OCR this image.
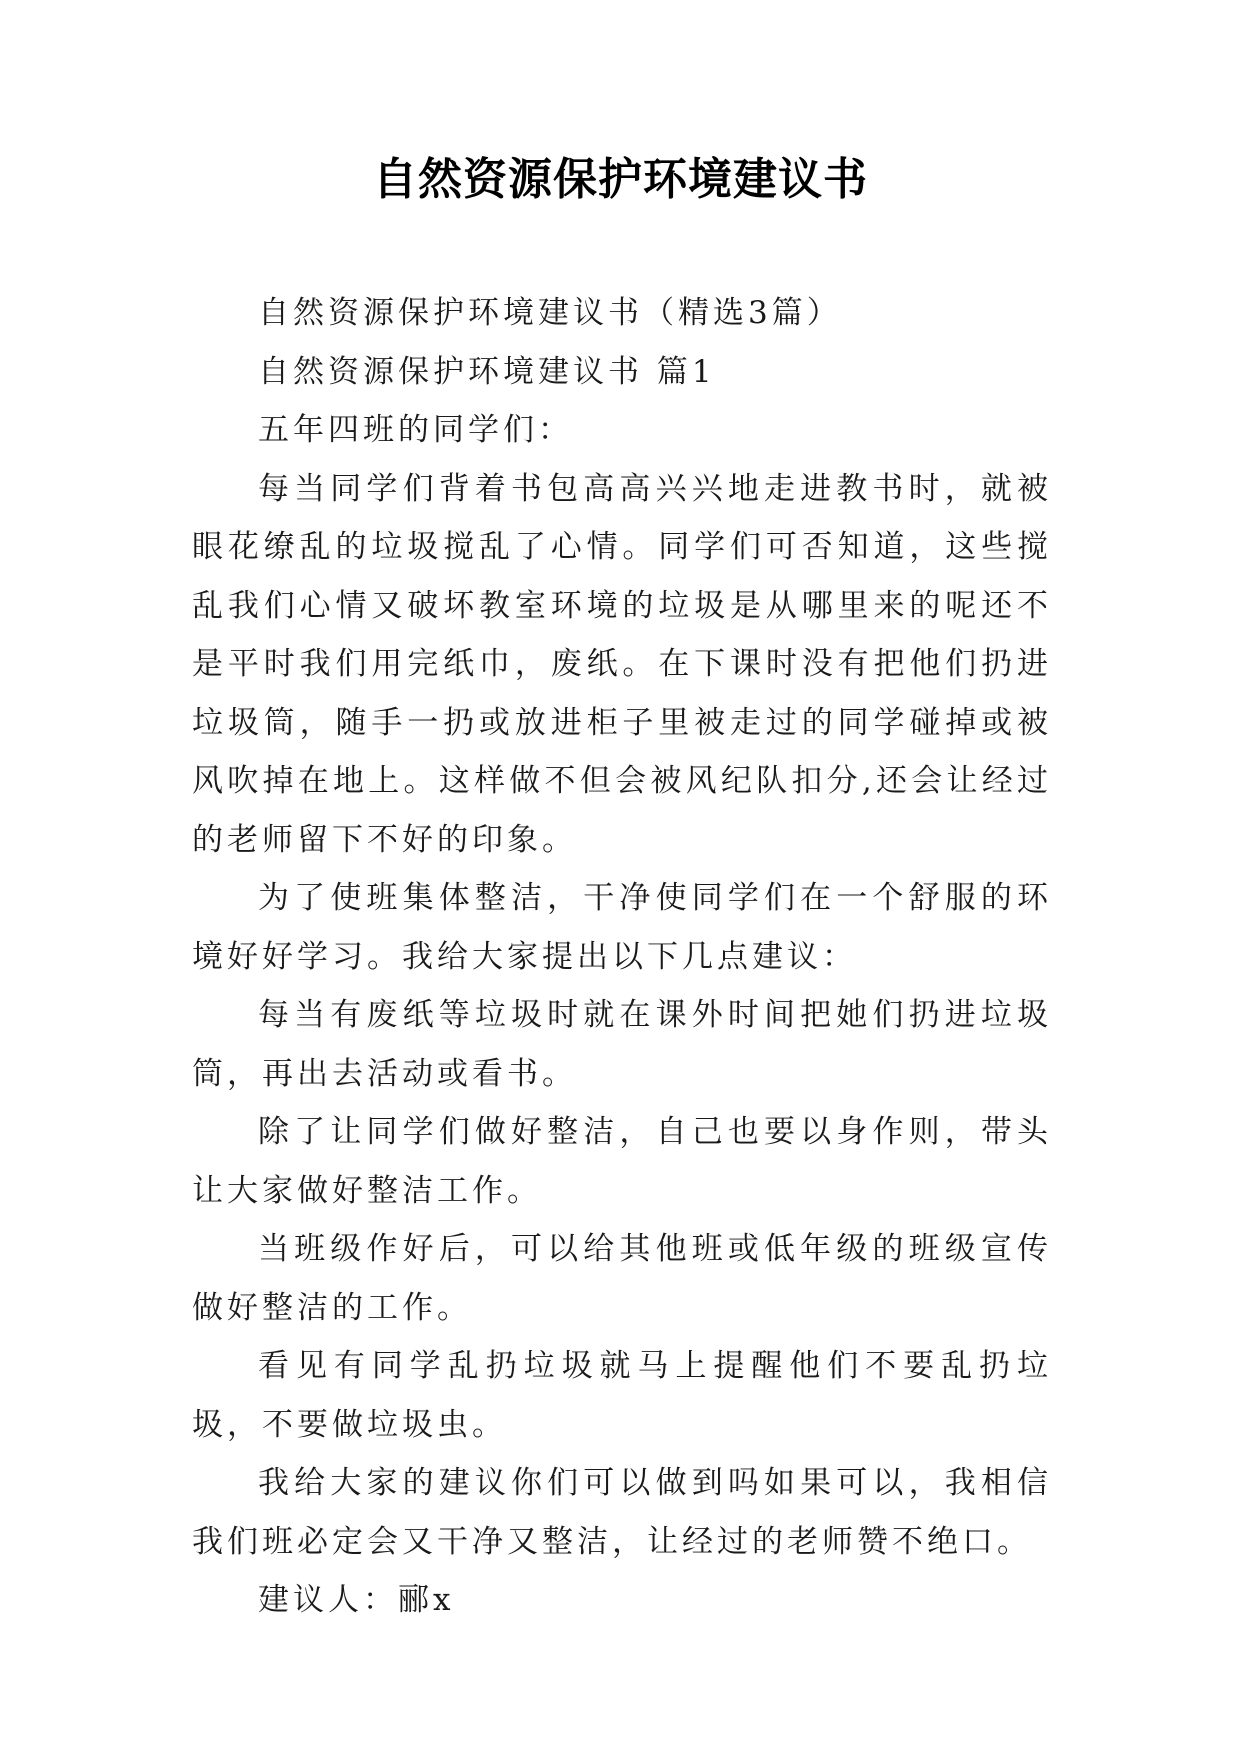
自然资源保护环境建议书

自然资源保护环境建议书（精选3篇）

自然资源保护环境建议书 篇1

五年四班的同学们：

每当同学们背着书包高高兴兴地走进教书时，就被眼花缭乱的垃圾搅乱了心情。同学们可否知道，这些搅乱我们心情又破坏教室环境的垃圾是从哪里来的呢还不是平时我们用完纸巾，废纸。在下课时没有把他们扔进垃圾筒，随手一扔或放进柜子里被走过的同学碰掉或被风吹掉在地上。这样做不但会被风纪队扣分,还会让经过的老师留下不好的印象。

为了使班集体整洁，干净使同学们在一个舒服的环境好好学习。我给大家提出以下几点建议：

每当有废纸等垃圾时就在课外时间把她们扔进垃圾筒，再出去活动或看书。

除了让同学们做好整洁，自己也要以身作则，带头让大家做好整洁工作。

当班级作好后，可以给其他班或低年级的班级宣传做好整洁的工作。

看见有同学乱扔垃圾就马上提醒他们不要乱扔垃圾，不要做垃圾虫。

我给大家的建议你们可以做到吗如果可以，我相信我们班必定会又干净又整洁，让经过的老师赞不绝口。

建议人：郦x
